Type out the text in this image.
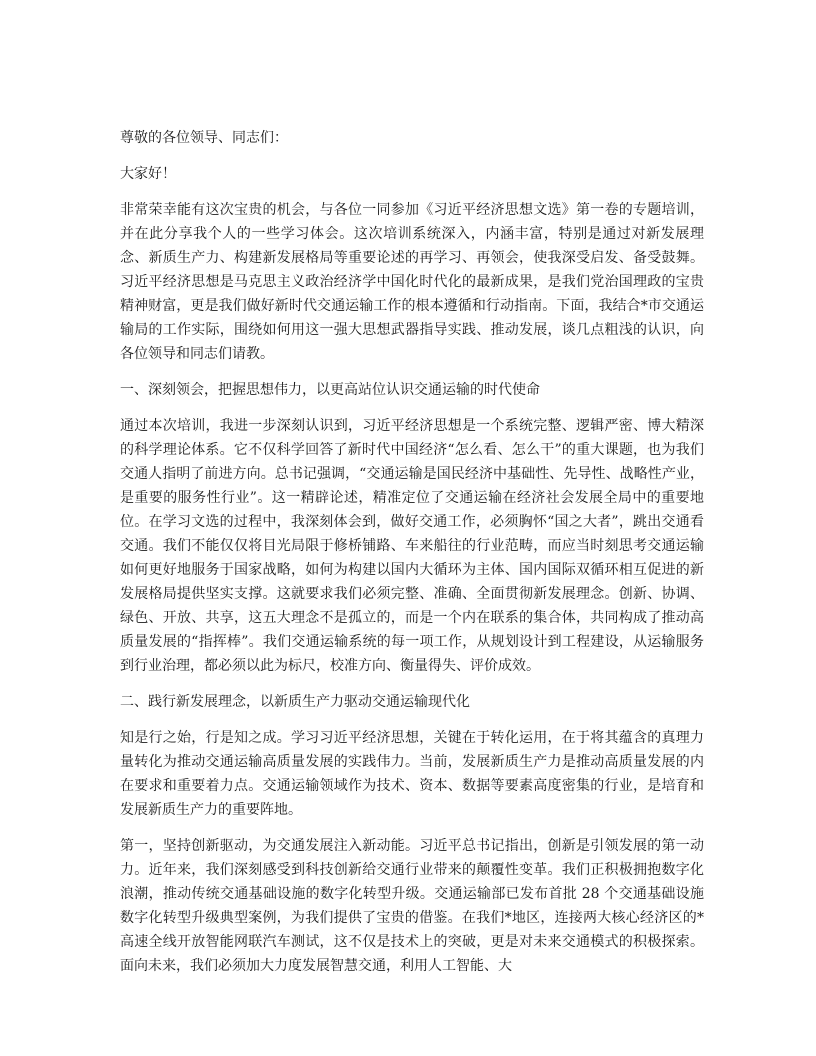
尊敬的各位领导、同志们：

大家好！

非常荣幸能有这次宝贵的机会，与各位一同参加《习近平经济思想文选》第一卷的专题培训，并在此分享我个人的一些学习体会。这次培训系统深入，内涵丰富，特别是通过对新发展理念、新质生产力、构建新发展格局等重要论述的再学习、再领会，使我深受启发、备受鼓舞。习近平经济思想是马克思主义政治经济学中国化时代化的最新成果，是我们党治国理政的宝贵精神财富，更是我们做好新时代交通运输工作的根本遵循和行动指南。下面，我结合*市交通运输局的工作实际，围绕如何用这一强大思想武器指导实践、推动发展，谈几点粗浅的认识，向各位领导和同志们请教。

一、深刻领会，把握思想伟力，以更高站位认识交通运输的时代使命

通过本次培训，我进一步深刻认识到，习近平经济思想是一个系统完整、逻辑严密、博大精深的科学理论体系。它不仅科学回答了新时代中国经济“怎么看、怎么干”的重大课题，也为我们交通人指明了前进方向。总书记强调，“交通运输是国民经济中基础性、先导性、战略性产业，是重要的服务性行业”。这一精辟论述，精准定位了交通运输在经济社会发展全局中的重要地位。在学习文选的过程中，我深刻体会到，做好交通工作，必须胸怀“国之大者”，跳出交通看交通。我们不能仅仅将目光局限于修桥铺路、车来船往的行业范畴，而应当时刻思考交通运输如何更好地服务于国家战略，如何为构建以国内大循环为主体、国内国际双循环相互促进的新发展格局提供坚实支撑。这就要求我们必须完整、准确、全面贯彻新发展理念。创新、协调、绿色、开放、共享，这五大理念不是孤立的，而是一个内在联系的集合体，共同构成了推动高质量发展的“指挥棒”。我们交通运输系统的每一项工作，从规划设计到工程建设，从运输服务到行业治理，都必须以此为标尺，校准方向、衡量得失、评价成效。

二、践行新发展理念，以新质生产力驱动交通运输现代化

知是行之始，行是知之成。学习习近平经济思想，关键在于转化运用，在于将其蕴含的真理力量转化为推动交通运输高质量发展的实践伟力。当前，发展新质生产力是推动高质量发展的内在要求和重要着力点。交通运输领域作为技术、资本、数据等要素高度密集的行业，是培育和发展新质生产力的重要阵地。

第一，坚持创新驱动，为交通发展注入新动能。习近平总书记指出，创新是引领发展的第一动力。近年来，我们深刻感受到科技创新给交通行业带来的颠覆性变革。我们正积极拥抱数字化浪潮，推动传统交通基础设施的数字化转型升级。交通运输部已发布首批 28 个交通基础设施数字化转型升级典型案例，为我们提供了宝贵的借鉴。在我们*地区，连接两大核心经济区的*高速全线开放智能网联汽车测试，这不仅是技术上的突破，更是对未来交通模式的积极探索。面向未来，我们必须加大力度发展智慧交通，利用人工智能、大
